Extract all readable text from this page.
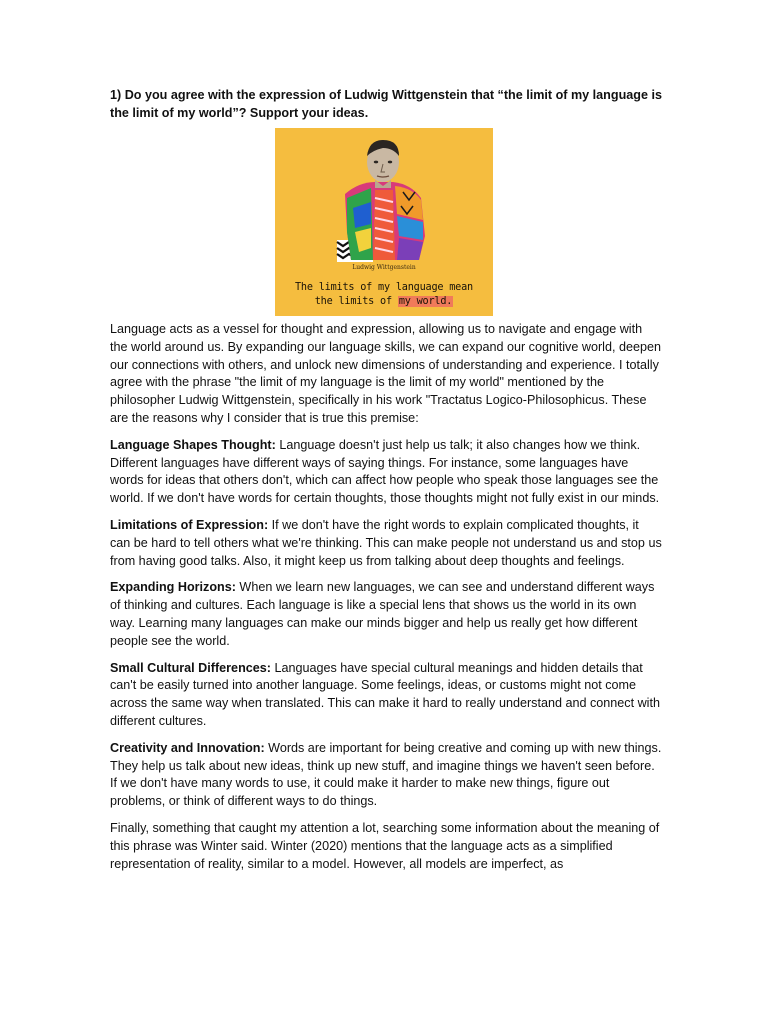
1) Do you agree with the expression of Ludwig Wittgenstein that “the limit of my language is the limit of my world”? Support your ideas.

Ludwig Wittgenstein
The limits of my language mean
the limits of my world.

Language acts as a vessel for thought and expression, allowing us to navigate and engage with the world around us. By expanding our language skills, we can expand our cognitive world, deepen our connections with others, and unlock new dimensions of understanding and experience. I totally agree with the phrase "the limit of my language is the limit of my world" mentioned by the philosopher Ludwig Wittgenstein, specifically in his work "Tractatus Logico-Philosophicus. These are the reasons why I consider that is true this premise:

Language Shapes Thought: Language doesn't just help us talk; it also changes how we think. Different languages have different ways of saying things. For instance, some languages have words for ideas that others don't, which can affect how people who speak those languages see the world. If we don't have words for certain thoughts, those thoughts might not fully exist in our minds.

Limitations of Expression: If we don't have the right words to explain complicated thoughts, it can be hard to tell others what we're thinking. This can make people not understand us and stop us from having good talks. Also, it might keep us from talking about deep thoughts and feelings.

Expanding Horizons: When we learn new languages, we can see and understand different ways of thinking and cultures. Each language is like a special lens that shows us the world in its own way. Learning many languages can make our minds bigger and help us really get how different people see the world.

Small Cultural Differences: Languages have special cultural meanings and hidden details that can't be easily turned into another language. Some feelings, ideas, or customs might not come across the same way when translated. This can make it hard to really understand and connect with different cultures.

Creativity and Innovation: Words are important for being creative and coming up with new things. They help us talk about new ideas, think up new stuff, and imagine things we haven't seen before. If we don't have many words to use, it could make it harder to make new things, figure out problems, or think of different ways to do things.

Finally, something that caught my attention a lot, searching some information about the meaning of this phrase was Winter said. Winter (2020) mentions that the language acts as a simplified representation of reality, similar to a model. However, all models are imperfect, as
